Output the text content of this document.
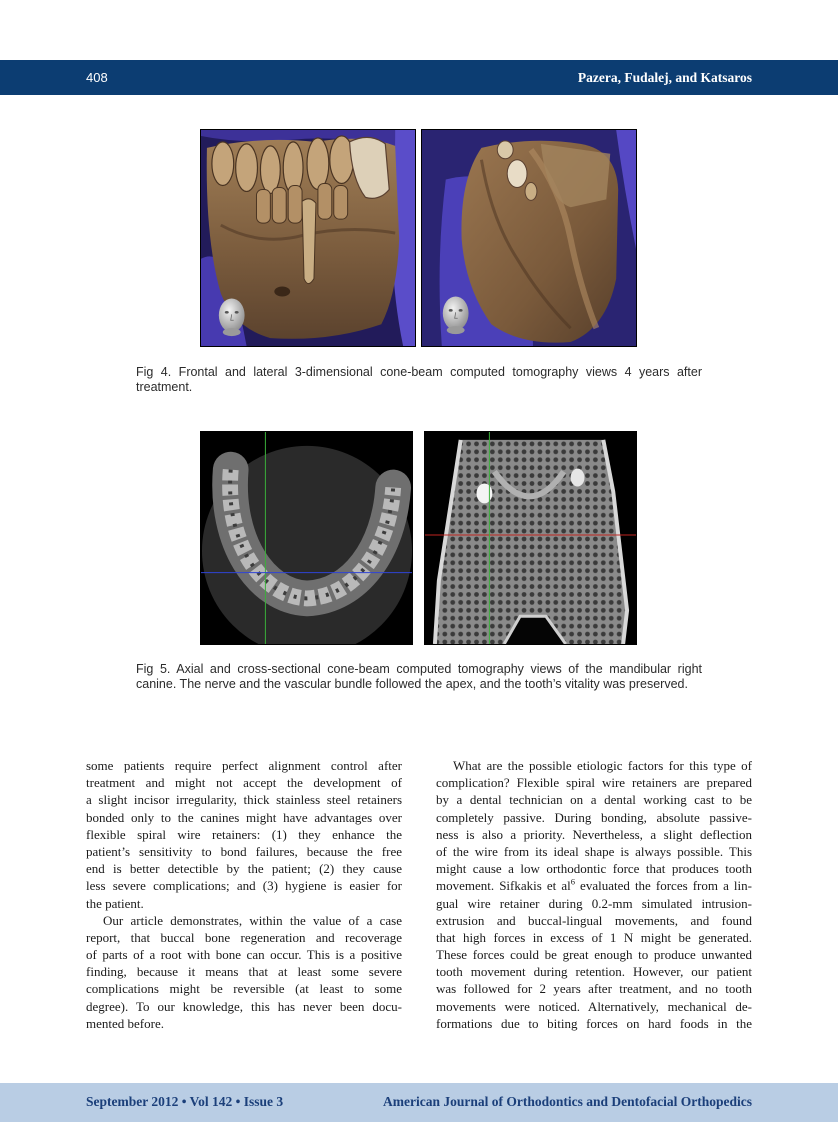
408	Pazera, Fudalej, and Katsaros
Fig 4. Frontal and lateral 3-dimensional cone-beam computed tomography views 4 years after
treatment.
Fig 5. Axial and cross-sectional cone-beam computed tomography views of the mandibular right
canine. The nerve and the vascular bundle followed the apex, and the tooth’s vitality was preserved.
some patients require perfect alignment control after
treatment and might not accept the development of
a slight incisor irregularity, thick stainless steel retainers
bonded only to the canines might have advantages over
flexible spiral wire retainers: (1) they enhance the
patient’s sensitivity to bond failures, because the free
end is better detectible by the patient; (2) they cause
less severe complications; and (3) hygiene is easier for
the patient.
Our article demonstrates, within the value of a case
report, that buccal bone regeneration and recoverage
of parts of a root with bone can occur. This is a positive
finding, because it means that at least some severe
complications might be reversible (at least to some
degree). To our knowledge, this has never been docu-
mented before.
What are the possible etiologic factors for this type of
complication? Flexible spiral wire retainers are prepared
by a dental technician on a dental working cast to be
completely passive. During bonding, absolute passive-
ness is also a priority. Nevertheless, a slight deflection
of the wire from its ideal shape is always possible. This
might cause a low orthodontic force that produces tooth
movement. Sifkakis et $al^6$ evaluated the forces from a lin-
gual wire retainer during 0.2-mm simulated intrusion-
extrusion and buccal-lingual movements, and found
that high forces in excess of 1 N might be generated.
These forces could be great enough to produce unwanted
tooth movement during retention. However, our patient
was followed for 2 years after treatment, and no tooth
movements were noticed. Alternatively, mechanical de-
formations due to biting forces on hard foods in the
September 2012 • Vol 142 • Issue 3	American Journal of Orthodontics and Dentofacial Orthopedics
